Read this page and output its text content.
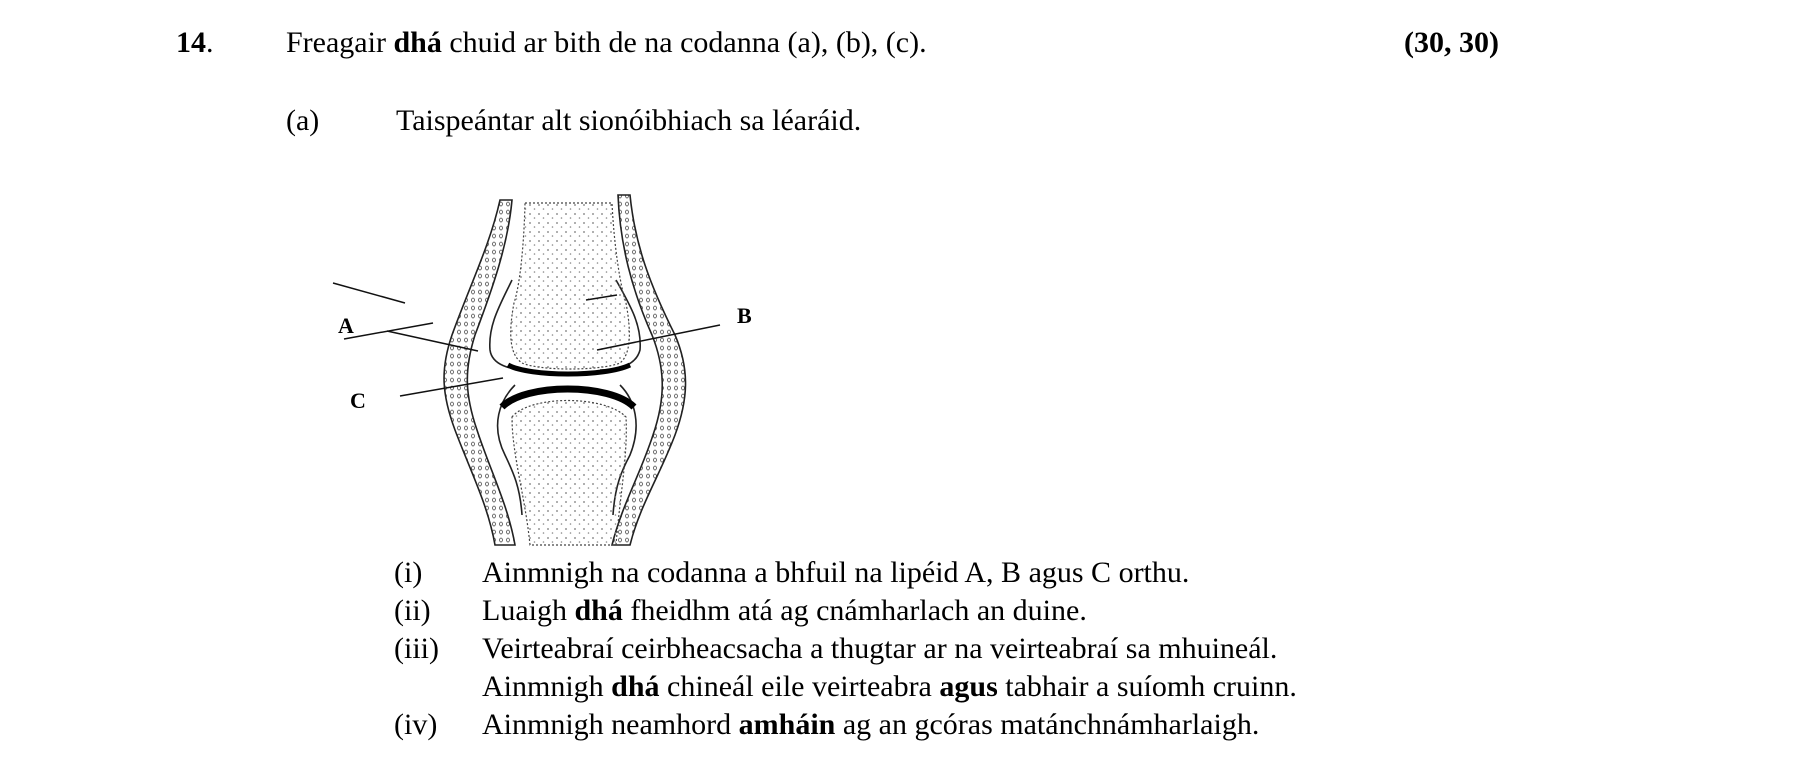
14. Freagair dhá chuid ar bith de na codanna (a), (b), (c).	(30, 30)
(a)	Taispeántar alt sionóibhiach sa léaráid.
A	B
C
(i) Ainmnigh na codanna a bhfuil na lipéid A, B agus C orthu.
(ii) Luaigh dhá fheidhm atá ag cnámharlach an duine.
(iii) Veirteabraí ceirbheacsacha a thugtar ar na veirteabraí sa mhuineál.
Ainmnigh dhá chineál eile veirteabra agus tabhair a suíomh cruinn.
(iv) Ainmnigh neamhord amháin ag an gcóras matánchnámharlaigh.
